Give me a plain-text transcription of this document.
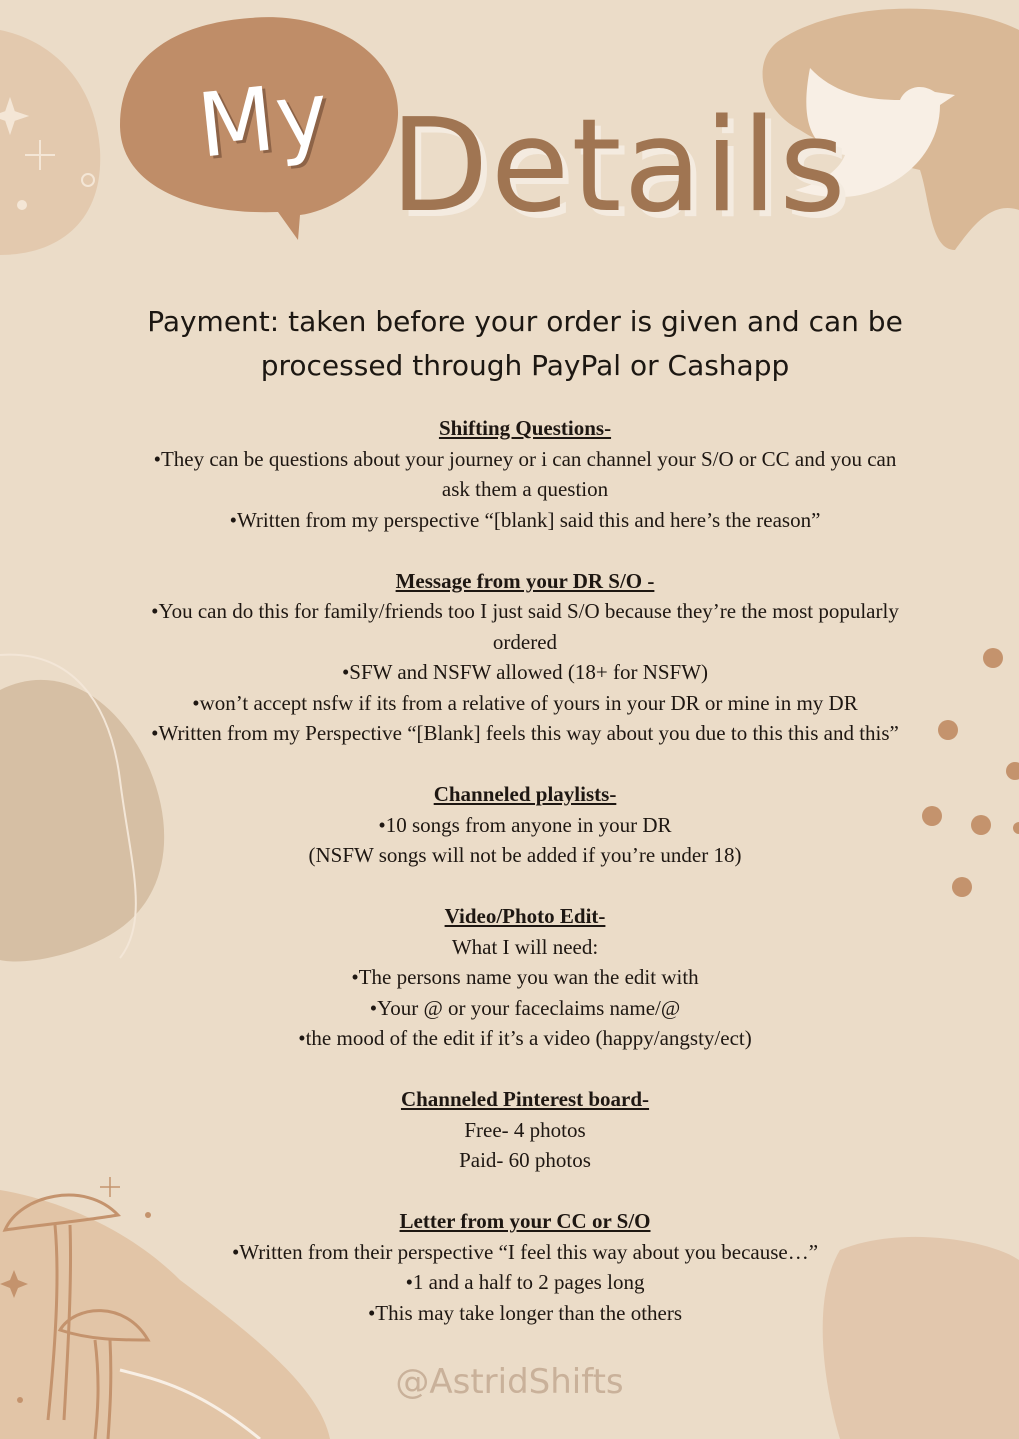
My Details
Payment: taken before your order is given and can be
processed through PayPal or Cashapp
Shifting Questions-
•They can be questions about your journey or i can channel your S/O or CC and you can
ask them a question
•Written from my perspective “[blank] said this and here’s the reason”
Message from your DR S/O -
•You can do this for family/friends too I just said S/O because they’re the most popularly
ordered
•SFW and NSFW allowed (18+ for NSFW)
•won’t accept nsfw if its from a relative of yours in your DR or mine in my DR
•Written from my Perspective “[Blank] feels this way about you due to this this and this”
Channeled playlists-
•10 songs from anyone in your DR
(NSFW songs will not be added if you’re under 18)
Video/Photo Edit-
What I will need:
•The persons name you wan the edit with
•Your @ or your faceclaims name/@
•the mood of the edit if it’s a video (happy/angsty/ect)
Channeled Pinterest board-
Free- 4 photos
Paid- 60 photos
Letter from your CC or S/O
•Written from their perspective “I feel this way about you because…”
•1 and a half to 2 pages long
•This may take longer than the others
@AstridShifts
